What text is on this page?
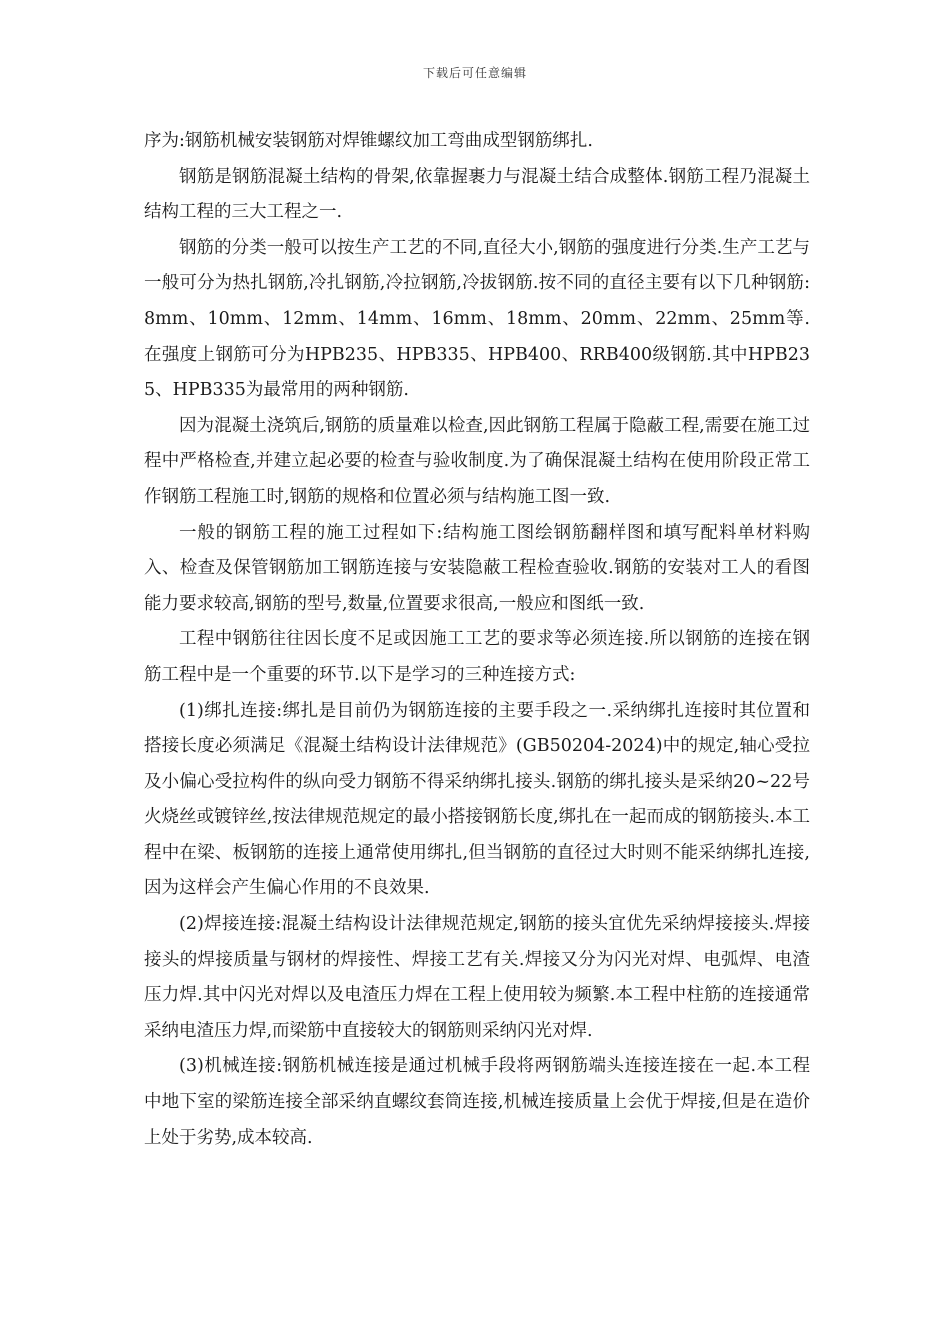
下载后可任意编辑

序为:钢筋机械安装钢筋对焊锥螺纹加工弯曲成型钢筋绑扎.

钢筋是钢筋混凝土结构的骨架,依靠握裹力与混凝土结合成整体.钢筋工程乃混凝土结构工程的三大工程之一.

钢筋的分类一般可以按生产工艺的不同,直径大小,钢筋的强度进行分类.生产工艺与一般可分为热扎钢筋,冷扎钢筋,冷拉钢筋,冷拔钢筋.按不同的直径主要有以下几种钢筋:8mm、10mm、12mm、14mm、16mm、18mm、20mm、22mm、25mm等.在强度上钢筋可分为HPB235、HPB335、HPB400、RRB400级钢筋.其中HPB235、HPB335为最常用的两种钢筋.

因为混凝土浇筑后,钢筋的质量难以检查,因此钢筋工程属于隐蔽工程,需要在施工过程中严格检查,并建立起必要的检查与验收制度.为了确保混凝土结构在使用阶段正常工作钢筋工程施工时,钢筋的规格和位置必须与结构施工图一致.

一般的钢筋工程的施工过程如下:结构施工图绘钢筋翻样图和填写配料单材料购入、检查及保管钢筋加工钢筋连接与安装隐蔽工程检查验收.钢筋的安装对工人的看图能力要求较高,钢筋的型号,数量,位置要求很高,一般应和图纸一致.

工程中钢筋往往因长度不足或因施工工艺的要求等必须连接.所以钢筋的连接在钢筋工程中是一个重要的环节.以下是学习的三种连接方式:

(1)绑扎连接:绑扎是目前仍为钢筋连接的主要手段之一.采纳绑扎连接时其位置和搭接长度必须满足《混凝土结构设计法律规范》(GB50204-2024)中的规定,轴心受拉及小偏心受拉构件的纵向受力钢筋不得采纳绑扎接头.钢筋的绑扎接头是采纳20~22号火烧丝或镀锌丝,按法律规范规定的最小搭接钢筋长度,绑扎在一起而成的钢筋接头.本工程中在梁、板钢筋的连接上通常使用绑扎,但当钢筋的直径过大时则不能采纳绑扎连接,因为这样会产生偏心作用的不良效果.

(2)焊接连接:混凝土结构设计法律规范规定,钢筋的接头宜优先采纳焊接接头.焊接接头的焊接质量与钢材的焊接性、焊接工艺有关.焊接又分为闪光对焊、电弧焊、电渣压力焊.其中闪光对焊以及电渣压力焊在工程上使用较为频繁.本工程中柱筋的连接通常采纳电渣压力焊,而梁筋中直接较大的钢筋则采纳闪光对焊.

(3)机械连接:钢筋机械连接是通过机械手段将两钢筋端头连接连接在一起.本工程中地下室的梁筋连接全部采纳直螺纹套筒连接,机械连接质量上会优于焊接,但是在造价上处于劣势,成本较高.
